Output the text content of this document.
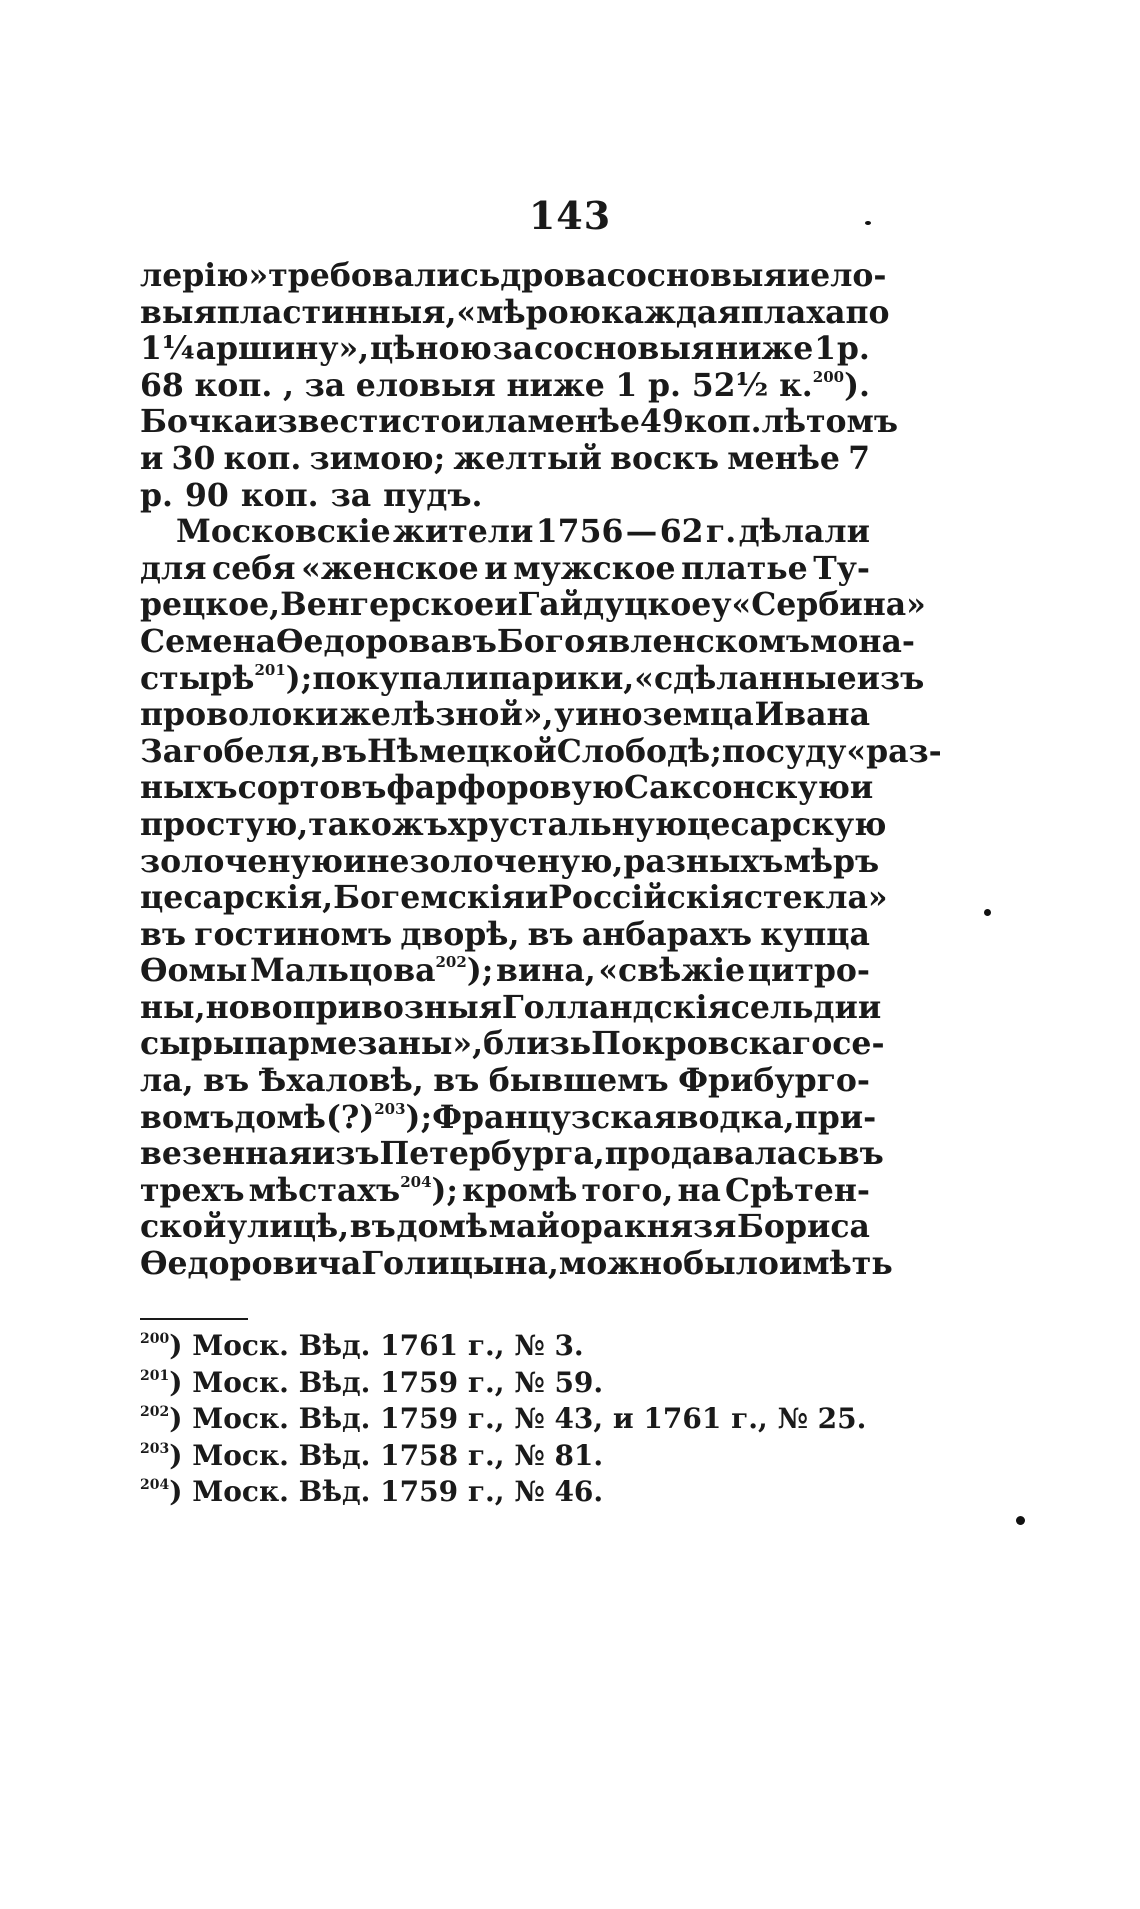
143
лерію» требовались дрова сосновыя и ело-
выя пластинныя, «мѣрою каждая плаха по
1¼ аршину», цѣною за сосновыя ниже 1 р.
68 коп. , за еловыя ниже 1 р. 52½ к.$^{200}$).
Бочка извести стоила менѣе 49 коп. лѣтомъ
и 30 коп. зимою; желтый воскъ менѣе 7
р. 90 коп. за пудъ.
Московскіе жители 1756 — 62 г. дѣлали
для себя «женское и мужское платье Ту-
рецкое, Венгерское и Гайдуцкое у «Сербина»
Семена Ѳедорова въ Богоявленскомъ мона-
стырѣ$^{201}$); покупали парики, «сдѣланные изъ
проволоки желѣзной», у иноземца Ивана
Загобеля, въ Нѣмецкой Слободѣ; посуду «раз-
ныхъ сортовъ фарфоровую Саксонскую и
простую, такожъ хрустальную цесарскую
золоченую и не золоченую, разныхъ мѣръ
цесарскія, Богемскія и Россійскія стекла»
въ гостиномъ дворѣ, въ анбарахъ купца
Ѳомы Мальцова$^{202}$); вина, «свѣжіе цитро-
ны, новопривозныя Голландскія сельди и
сыры пармезаны», близь Покровскаго се-
ла, въ Ѣхаловѣ, въ бывшемъ Фрибурго-
вомъ домѣ (?)$^{203}$); Французская водка, при-
везенная изъ Петербурга, продавалась въ
трехъ мѣстахъ$^{204}$); кромѣ того, на Срѣтен-
ской улицѣ, въ домѣ майора князя Бориса
Ѳедоровича Голицына, можно было имѣть
$^{200}$) Моск. Вѣд. 1761 г., № 3.
$^{201}$) Моск. Вѣд. 1759 г., № 59.
$^{202}$) Моск. Вѣд. 1759 г., № 43, и 1761 г., № 25.
$^{203}$) Моск. Вѣд. 1758 г., № 81.
$^{204}$) Моск. Вѣд. 1759 г., № 46.
